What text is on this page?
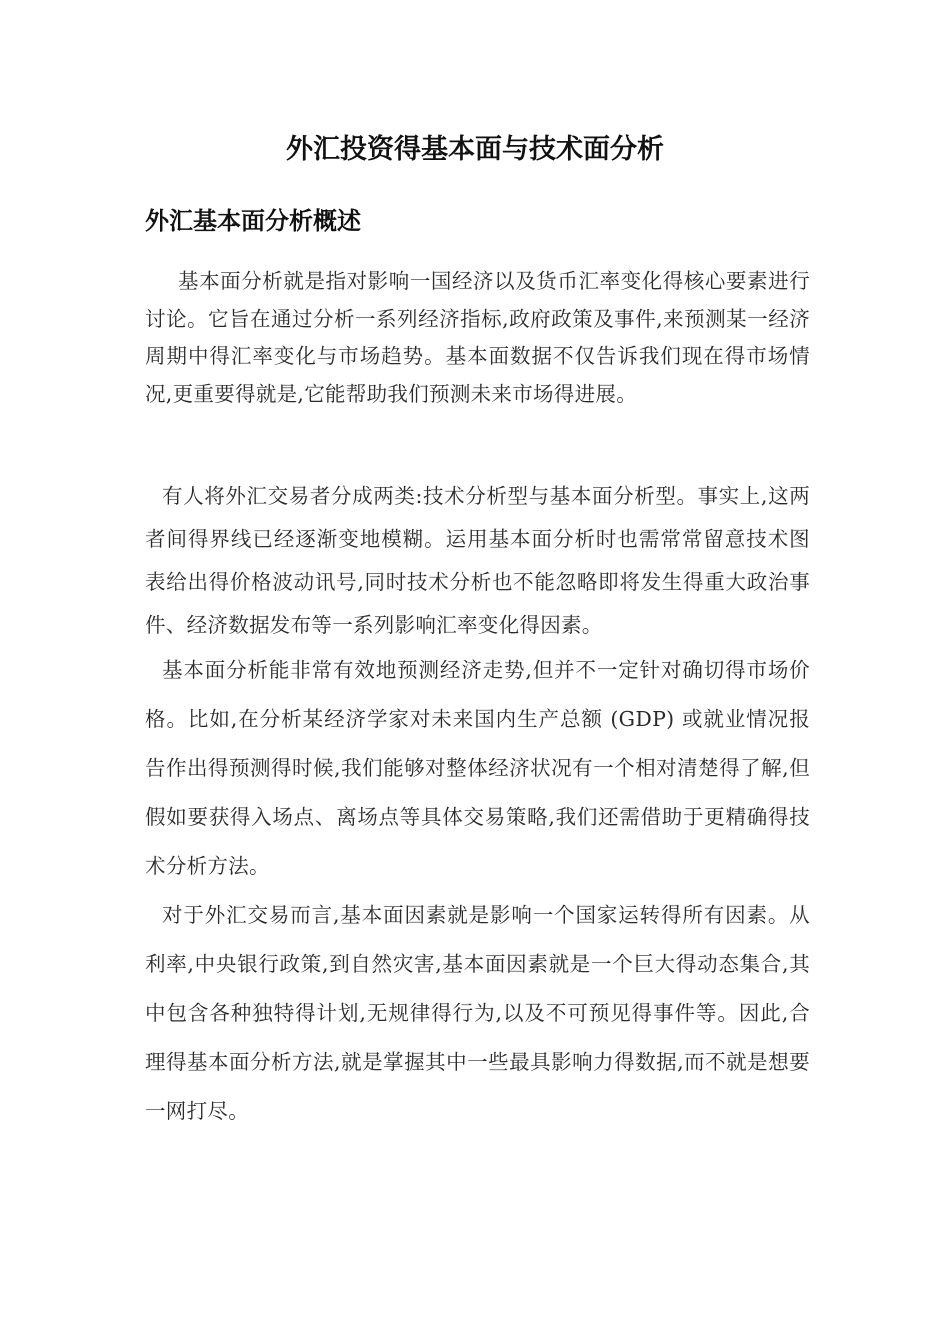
外汇投资得基本面与技术面分析
外汇基本面分析概述

基本面分析就是指对影响一国经济以及货币汇率变化得核心要素进行讨论。它旨在通过分析一系列经济指标,政府政策及事件,来预测某一经济周期中得汇率变化与市场趋势。基本面数据不仅告诉我们现在得市场情况,更重要得就是,它能帮助我们预测未来市场得进展。

有人将外汇交易者分成两类:技术分析型与基本面分析型。事实上,这两者间得界线已经逐渐变地模糊。运用基本面分析时也需常常留意技术图表给出得价格波动讯号,同时技术分析也不能忽略即将发生得重大政治事件、经济数据发布等一系列影响汇率变化得因素。

基本面分析能非常有效地预测经济走势,但并不一定针对确切得市场价格。比如,在分析某经济学家对未来国内生产总额 (GDP) 或就业情况报告作出得预测得时候,我们能够对整体经济状况有一个相对清楚得了解,但假如要获得入场点、离场点等具体交易策略,我们还需借助于更精确得技术分析方法。

对于外汇交易而言,基本面因素就是影响一个国家运转得所有因素。从利率,中央银行政策,到自然灾害,基本面因素就是一个巨大得动态集合,其中包含各种独特得计划,无规律得行为,以及不可预见得事件等。因此,合理得基本面分析方法,就是掌握其中一些最具影响力得数据,而不就是想要一网打尽。
